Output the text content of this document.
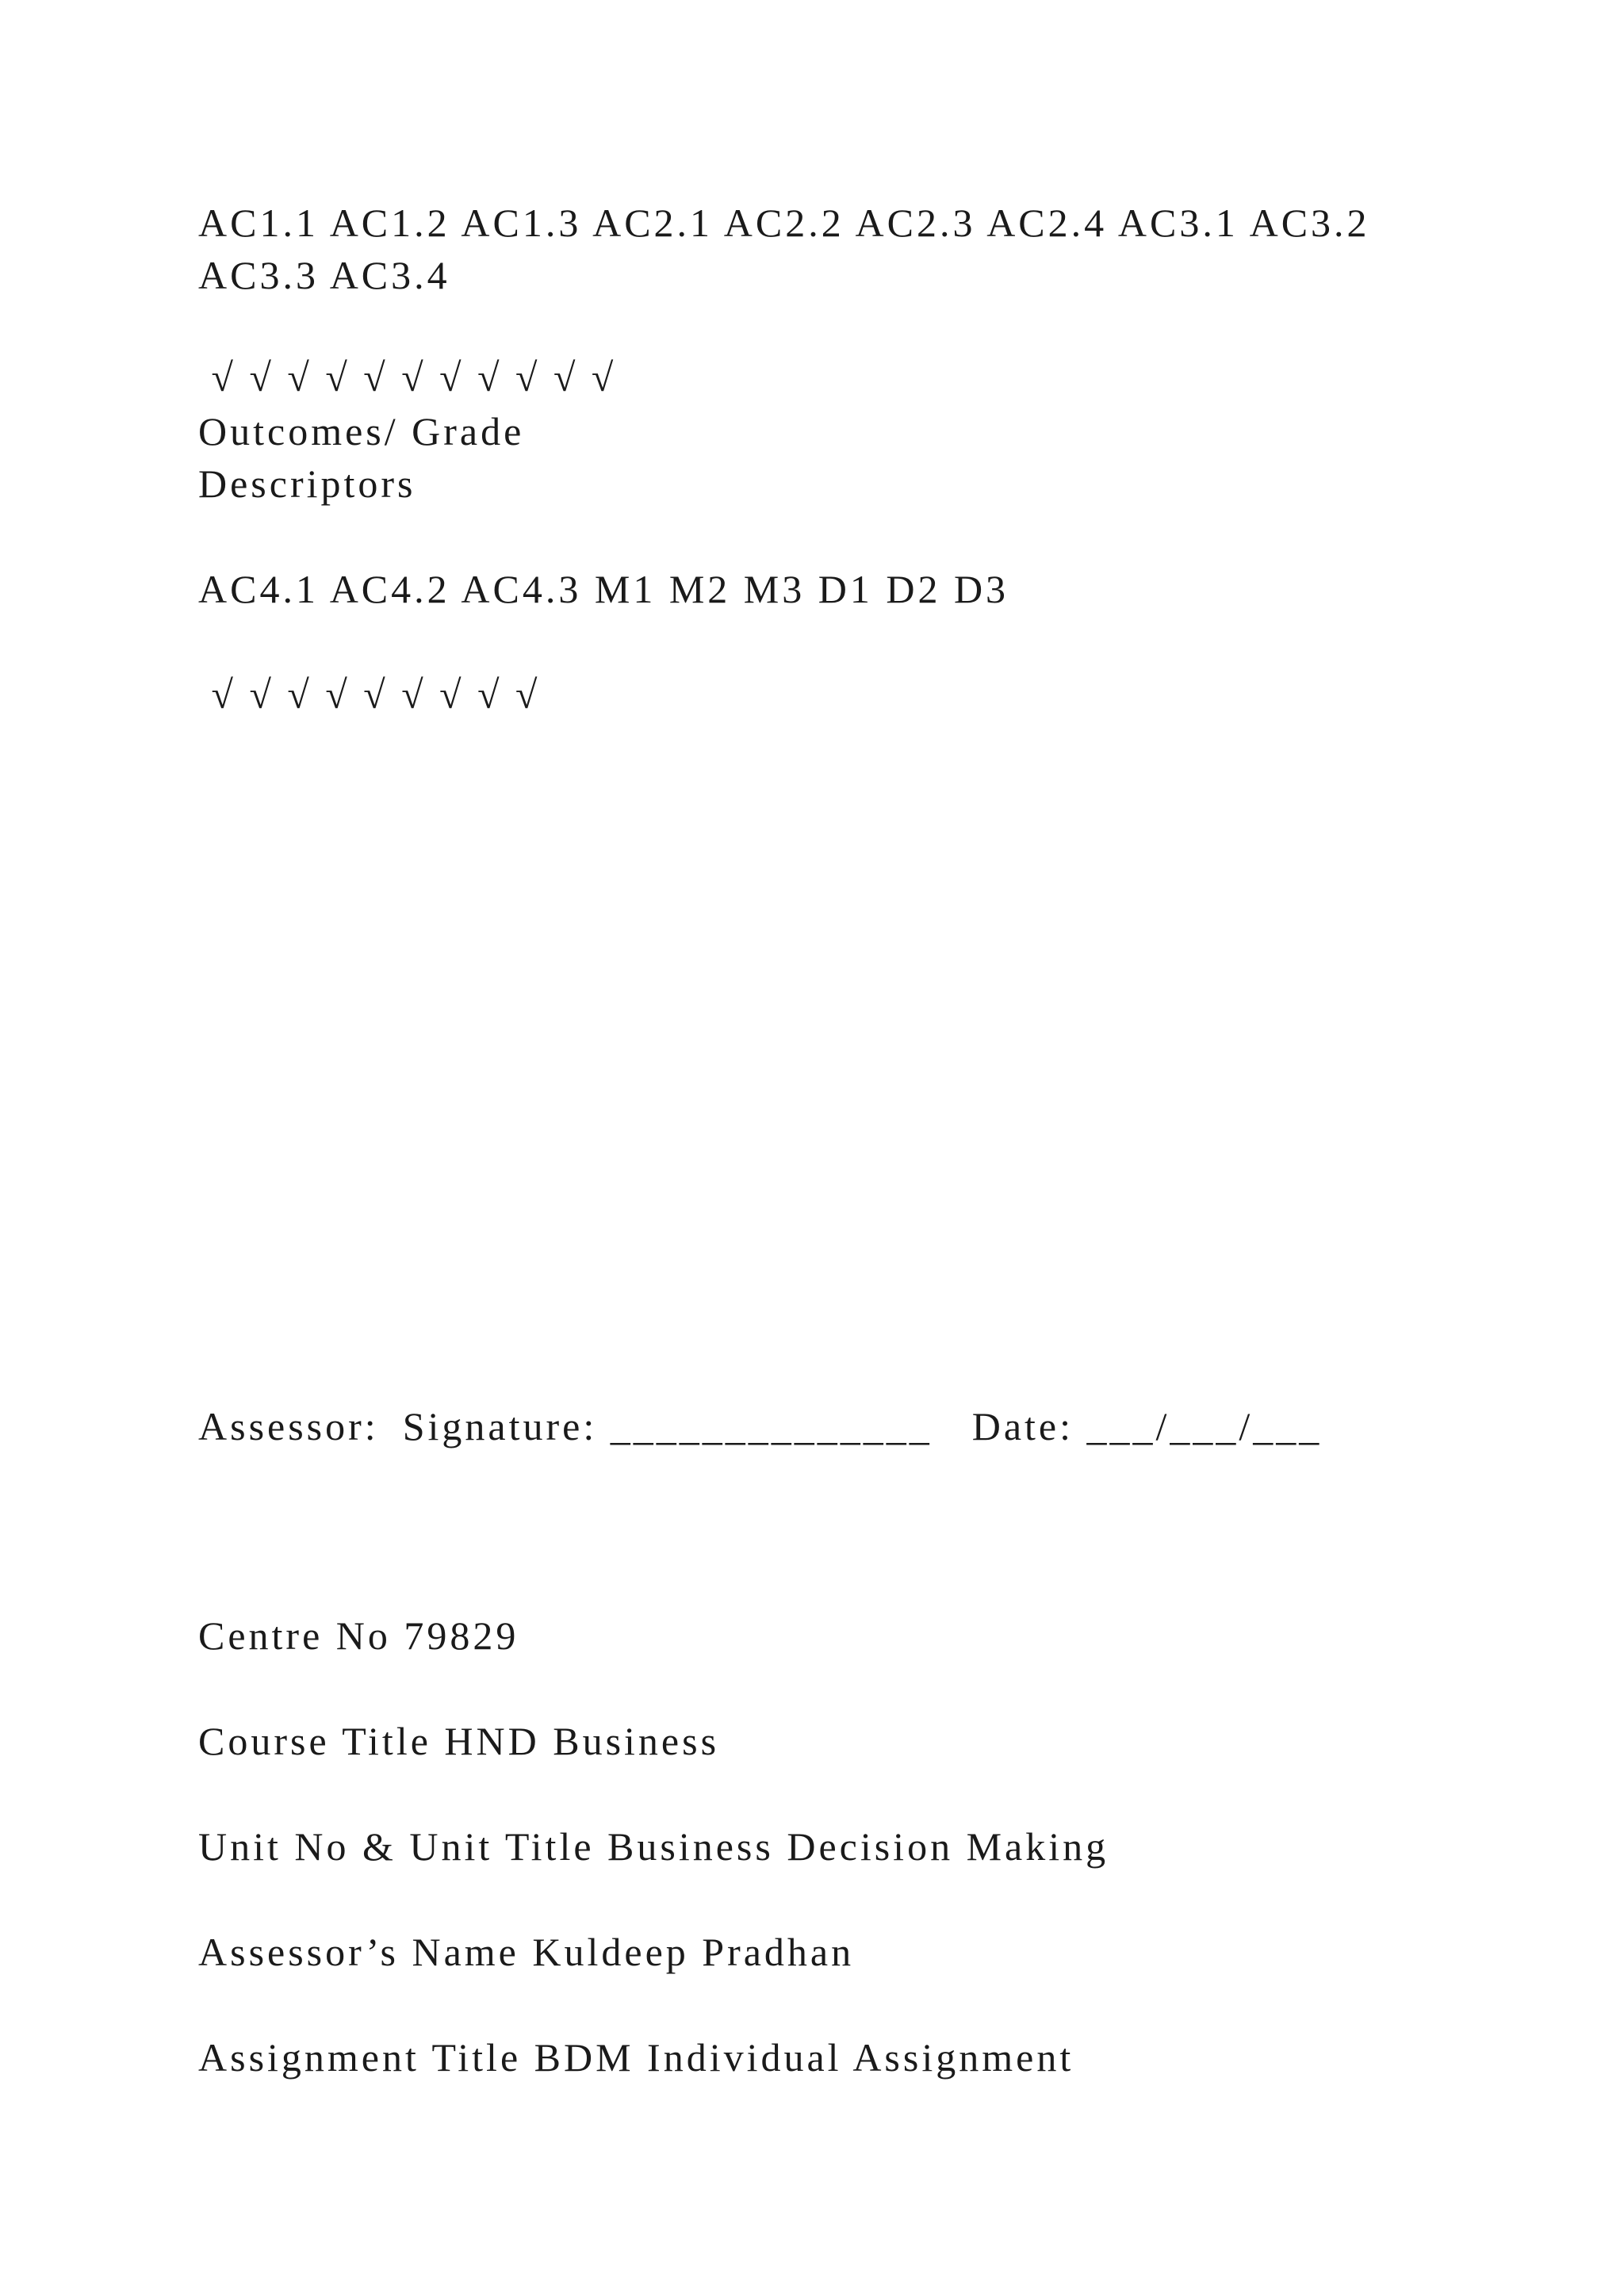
AC1.1 AC1.2 AC1.3 AC2.1 AC2.2 AC2.3 AC2.4 AC3.1 AC3.2

AC3.3 AC3.4

√ √ √ √ √ √ √ √ √ √ √

Outcomes/ Grade

Descriptors

AC4.1 AC4.2 AC4.3 M1 M2 M3 D1 D2 D3

√ √ √ √ √ √ √ √ √

Assessor: Signature: ______________ Date: ___/___/___

Centre No 79829

Course Title HND Business

Unit No & Unit Title Business Decision Making

Assessor’s Name Kuldeep Pradhan

Assignment Title BDM Individual Assignment
